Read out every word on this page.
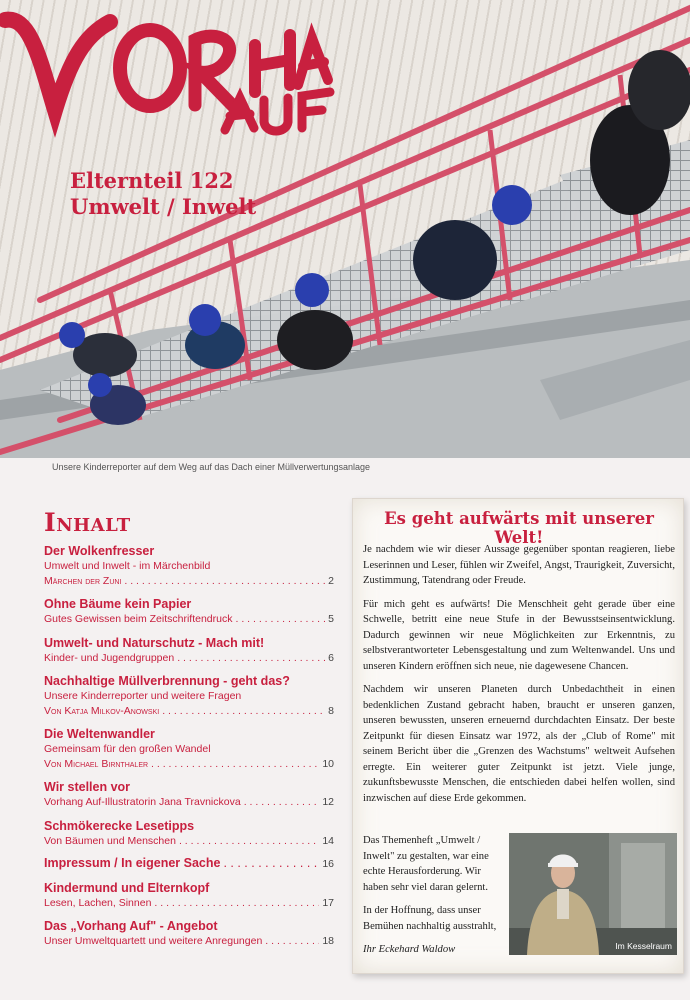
Elternteil 122
Umwelt / Inwelt
Unsere Kinderreporter auf dem Weg auf das Dach einer Müllverwertungsanlage
Inhalt
Der Wolkenfresser
Umwelt und Inwelt - im Märchenbild
Märchen der Zuni . . .	2
Ohne Bäume kein Papier
Gutes Gewissen beim Zeitschriftendruck . . .	5
Umwelt- und Naturschutz - Mach mit!
Kinder- und Jugendgruppen . . .	6
Nachhaltige Müllverbrennung - geht das?
Unsere Kinderreporter und weitere Fragen
Von Katja Milkov-Anowski . . .	8
Die Weltenwandler
Gemeinsam für den großen Wandel
Von Michael Birnthaler . . .	10
Wir stellen vor
Vorhang Auf-Illustratorin Jana Travnickova . . .	12
Schmökerecke Lesetipps
Von Bäumen und Menschen . . .	14
Impressum / In eigener Sache . . .	16
Kindermund und Elternkopf
Lesen, Lachen, Sinnen . . .	17
Das „Vorhang Auf" - Angebot
Unser Umweltquartett und weitere Anregungen . . .	18
Es geht aufwärts mit unserer Welt!

Je nachdem wie wir dieser Aussage gegenüber spontan reagieren, liebe Leserinnen und Leser, fühlen wir Zweifel, Angst, Traurigkeit, Zuversicht, Zustimmung, Tatendrang oder Freude.

Für mich geht es aufwärts! Die Menschheit geht gerade über eine Schwelle, betritt eine neue Stufe in der Bewusstseinsentwicklung. Dadurch gewinnen wir neue Möglichkeiten zur Erkenntnis, zu selbstverantworteter Lebensgestaltung und zum Weltenwandel. Uns und unseren Kindern eröffnen sich neue, nie dagewesene Chancen.

Nachdem wir unseren Planeten durch Unbedachtheit in einen bedenklichen Zustand gebracht haben, braucht er unseren ganzen, unseren bewussten, unseren erneuernd durchdachten Einsatz. Der beste Zeitpunkt für diesen Einsatz war 1972, als der „Club of Rome" mit seinem Bericht über die „Grenzen des Wachstums" weltweit Aufsehen erregte. Ein weiterer guter Zeitpunkt ist jetzt. Viele junge, zukunftsbewusste Menschen, die entschieden dabei helfen wollen, sind inzwischen auf diese Erde gekommen.

Das Themenheft „Umwelt / Inwelt" zu gestalten, war eine echte Herausforderung. Wir haben sehr viel daran gelernt.

In der Hoffnung, dass unser Bemühen nachhaltig ausstrahlt,

Ihr Eckehard Waldow	Im Kesselraum
